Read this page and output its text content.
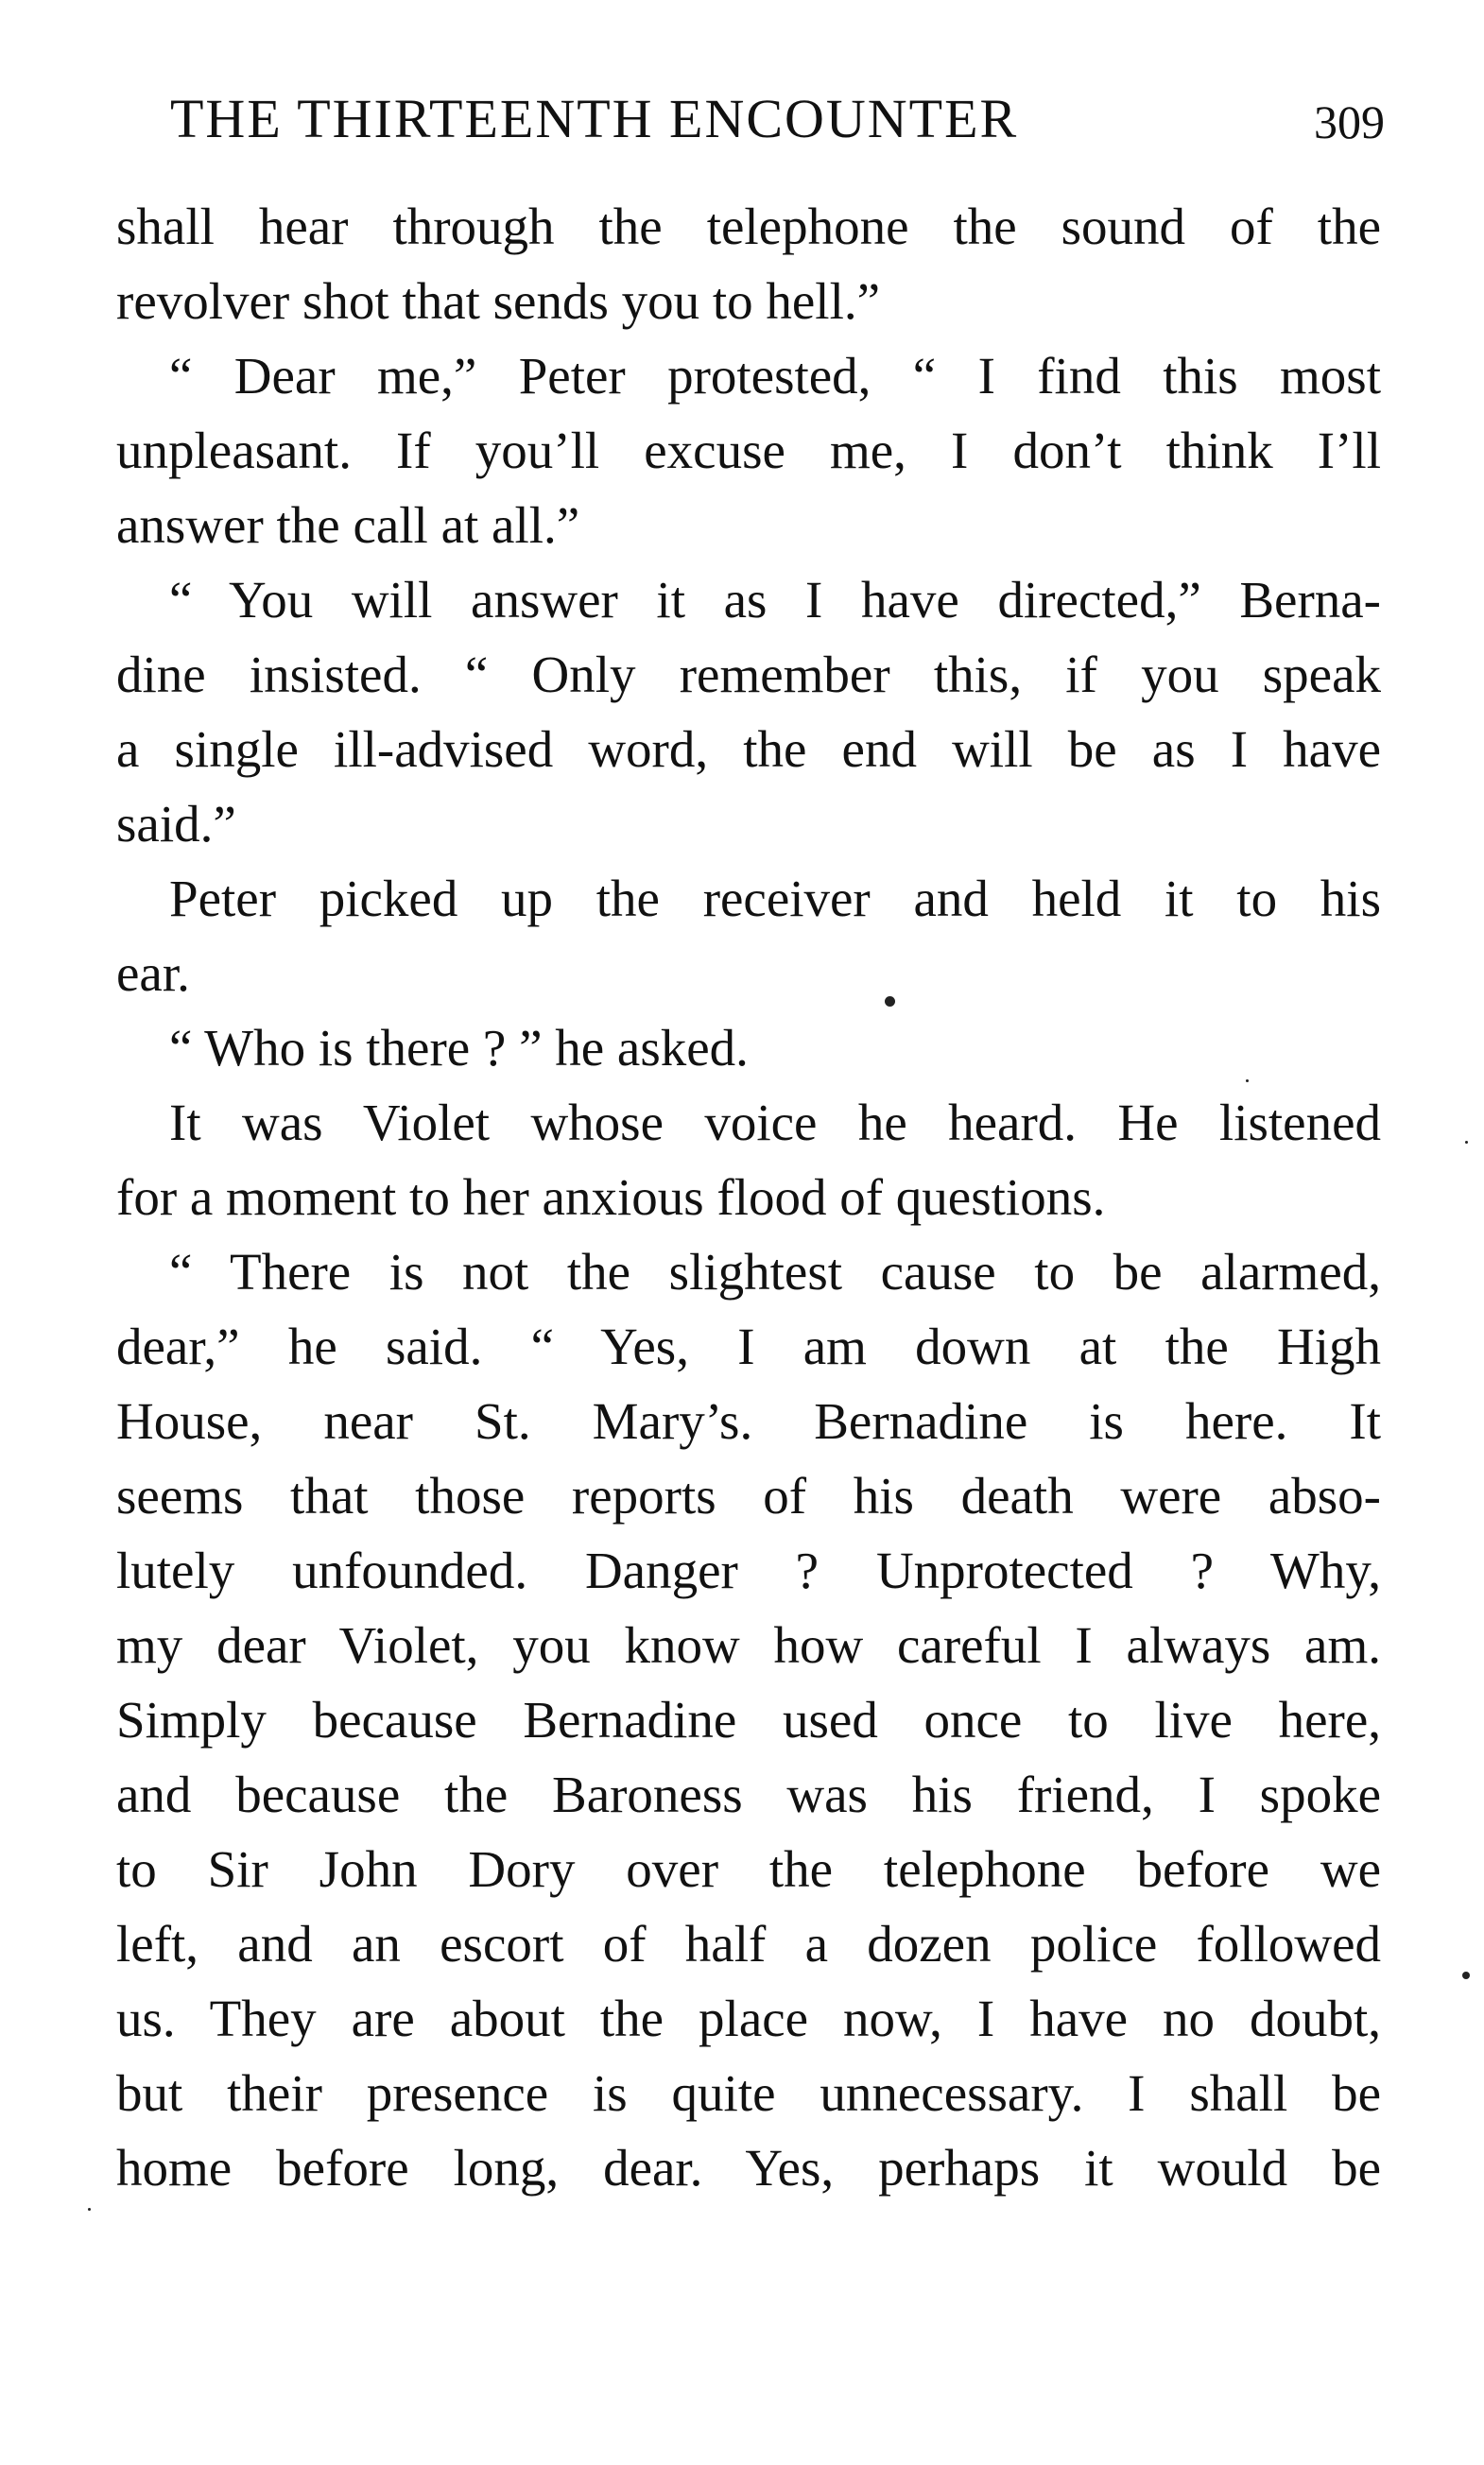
THE THIRTEENTH ENCOUNTER	309
shall hear through the telephone the sound of the
revolver shot that sends you to hell.”
“ Dear me,” Peter protested, “ I find this most
unpleasant. If you’ll excuse me, I don’t think I’ll
answer the call at all.”
“ You will answer it as I have directed,” Berna-
dine insisted. “ Only remember this, if you speak
a single ill-advised word, the end will be as I have
said.”
Peter picked up the receiver and held it to his
ear.
“ Who is there ? ” he asked.
It was Violet whose voice he heard. He listened
for a moment to her anxious flood of questions.
“ There is not the slightest cause to be alarmed,
dear,” he said. “ Yes, I am down at the High
House, near St. Mary’s. Bernadine is here. It
seems that those reports of his death were abso-
lutely unfounded. Danger ? Unprotected ? Why,
my dear Violet, you know how careful I always am.
Simply because Bernadine used once to live here,
and because the Baroness was his friend, I spoke
to Sir John Dory over the telephone before we
left, and an escort of half a dozen police followed
us. They are about the place now, I have no doubt,
but their presence is quite unnecessary. I shall be
home before long, dear. Yes, perhaps it would be
